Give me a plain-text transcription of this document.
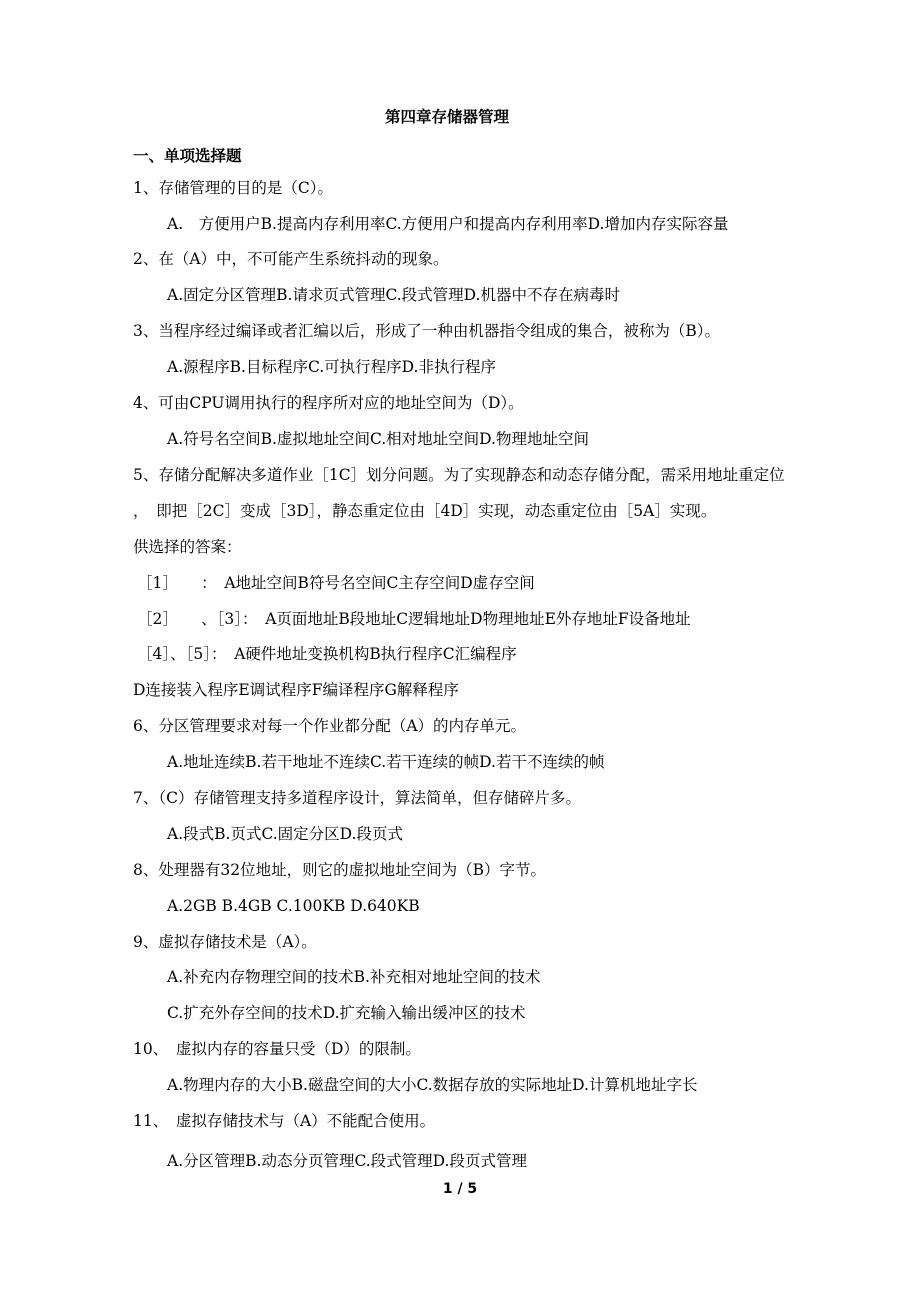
第四章存储器管理
一、单项选择题
1、存储管理的目的是（C）。
A.　方便用户B.提高内存利用率C.方便用户和提高内存利用率D.增加内存实际容量
2、在（A）中，不可能产生系统抖动的现象。
A.固定分区管理B.请求页式管理C.段式管理D.机器中不存在病毒时
3、当程序经过编译或者汇编以后，形成了一种由机器指令组成的集合，被称为（B）。
A.源程序B.目标程序C.可执行程序D.非执行程序
4、可由CPU调用执行的程序所对应的地址空间为（D）。
A.符号名空间B.虚拟地址空间C.相对地址空间D.物理地址空间
5、存储分配解决多道作业［1C］划分问题。为了实现静态和动态存储分配，需采用地址重定位
，　即把［2C］变成［3D］，静态重定位由［4D］实现，动态重定位由［5A］实现。
供选择的答案：
［1］　　：　A地址空间B符号名空间C主存空间D虚存空间
［2］　　、［3］：　A页面地址B段地址C逻辑地址D物理地址E外存地址F设备地址
［4］、［5］：　A硬件地址变换机构B执行程序C汇编程序
D连接装入程序E调试程序F编译程序G解释程序
6、分区管理要求对每一个作业都分配（A）的内存单元。
A.地址连续B.若干地址不连续C.若干连续的帧D.若干不连续的帧
7、（C）存储管理支持多道程序设计，算法简单，但存储碎片多。
A.段式B.页式C.固定分区D.段页式
8、处理器有32位地址，则它的虚拟地址空间为（B）字节。
A.2GB B.4GB C.100KB D.640KB
9、虚拟存储技术是（A）。
A.补充内存物理空间的技术B.补充相对地址空间的技术
C.扩充外存空间的技术D.扩充输入输出缓冲区的技术
10、　虚拟内存的容量只受（D）的限制。
A.物理内存的大小B.磁盘空间的大小C.数据存放的实际地址D.计算机地址字长
11、　虚拟存储技术与（A）不能配合使用。
A.分区管理B.动态分页管理C.段式管理D.段页式管理
1 / 5
